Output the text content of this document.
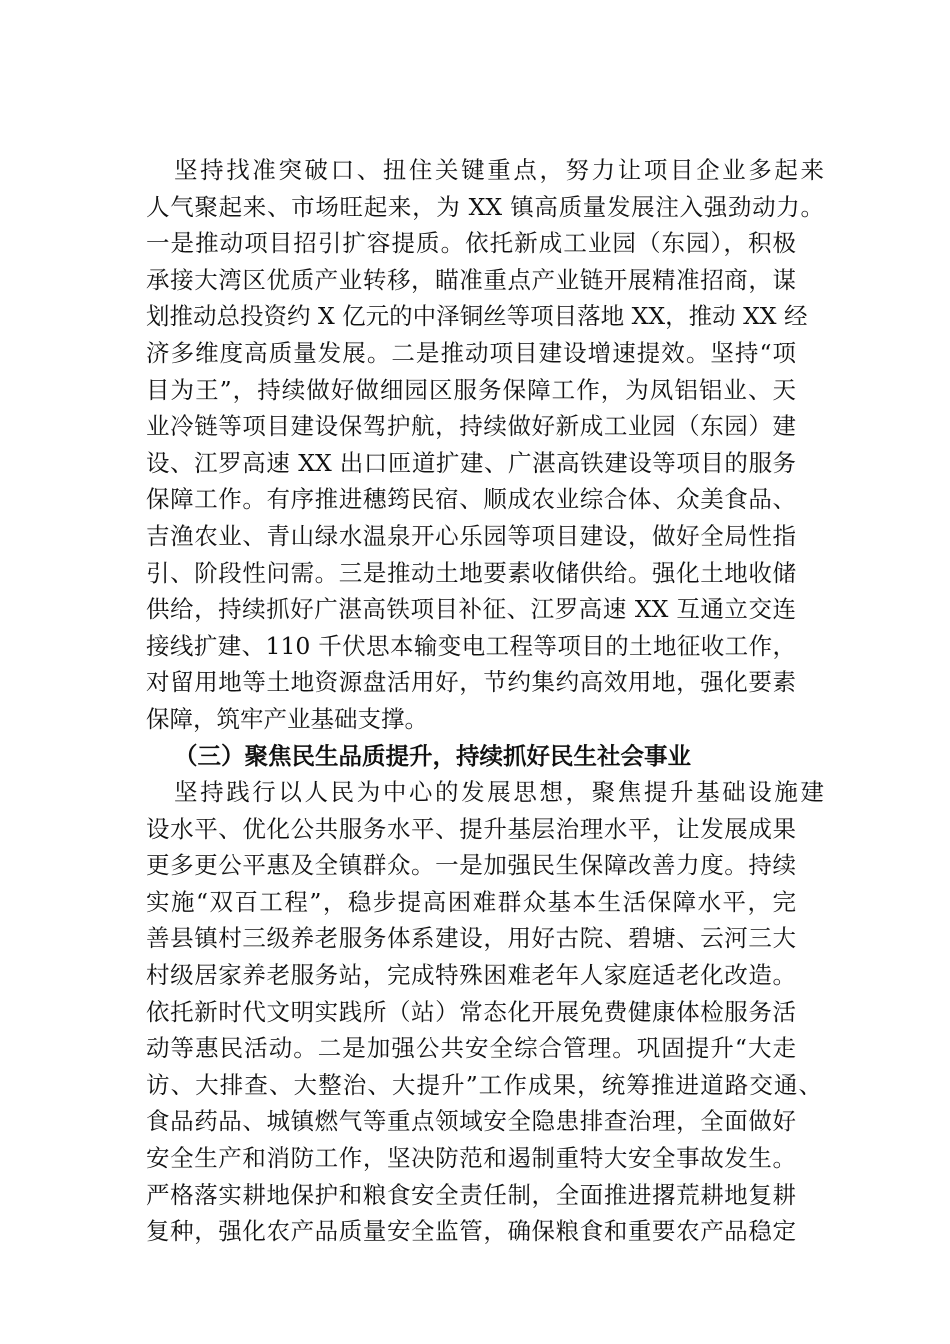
坚持找准突破口、扭住关键重点，努力让项目企业多起来
人气聚起来、市场旺起来，为 XX 镇高质量发展注入强劲动力。
一是推动项目招引扩容提质。依托新成工业园（东园），积极
承接大湾区优质产业转移，瞄准重点产业链开展精准招商，谋
划推动总投资约 X 亿元的中泽铜丝等项目落地 XX，推动 XX 经
济多维度高质量发展。二是推动项目建设增速提效。坚持“项
目为王”，持续做好做细园区服务保障工作，为凤铝铝业、天
业冷链等项目建设保驾护航，持续做好新成工业园（东园）建
设、江罗高速 XX 出口匝道扩建、广湛高铁建设等项目的服务
保障工作。有序推进穗筠民宿、顺成农业综合体、众美食品、
吉渔农业、青山绿水温泉开心乐园等项目建设，做好全局性指
引、阶段性问需。三是推动土地要素收储供给。强化土地收储
供给，持续抓好广湛高铁项目补征、江罗高速 XX 互通立交连
接线扩建、110 千伏思本输变电工程等项目的土地征收工作，
对留用地等土地资源盘活用好，节约集约高效用地，强化要素
保障，筑牢产业基础支撑。
（三）聚焦民生品质提升，持续抓好民生社会事业
坚持践行以人民为中心的发展思想，聚焦提升基础设施建
设水平、优化公共服务水平、提升基层治理水平，让发展成果
更多更公平惠及全镇群众。一是加强民生保障改善力度。持续
实施“双百工程”，稳步提高困难群众基本生活保障水平，完
善县镇村三级养老服务体系建设，用好古院、碧塘、云河三大
村级居家养老服务站，完成特殊困难老年人家庭适老化改造。
依托新时代文明实践所（站）常态化开展免费健康体检服务活
动等惠民活动。二是加强公共安全综合管理。巩固提升“大走
访、大排查、大整治、大提升”工作成果，统筹推进道路交通、
食品药品、城镇燃气等重点领域安全隐患排查治理，全面做好
安全生产和消防工作，坚决防范和遏制重特大安全事故发生。
严格落实耕地保护和粮食安全责任制，全面推进撂荒耕地复耕
复种，强化农产品质量安全监管，确保粮食和重要农产品稳定
